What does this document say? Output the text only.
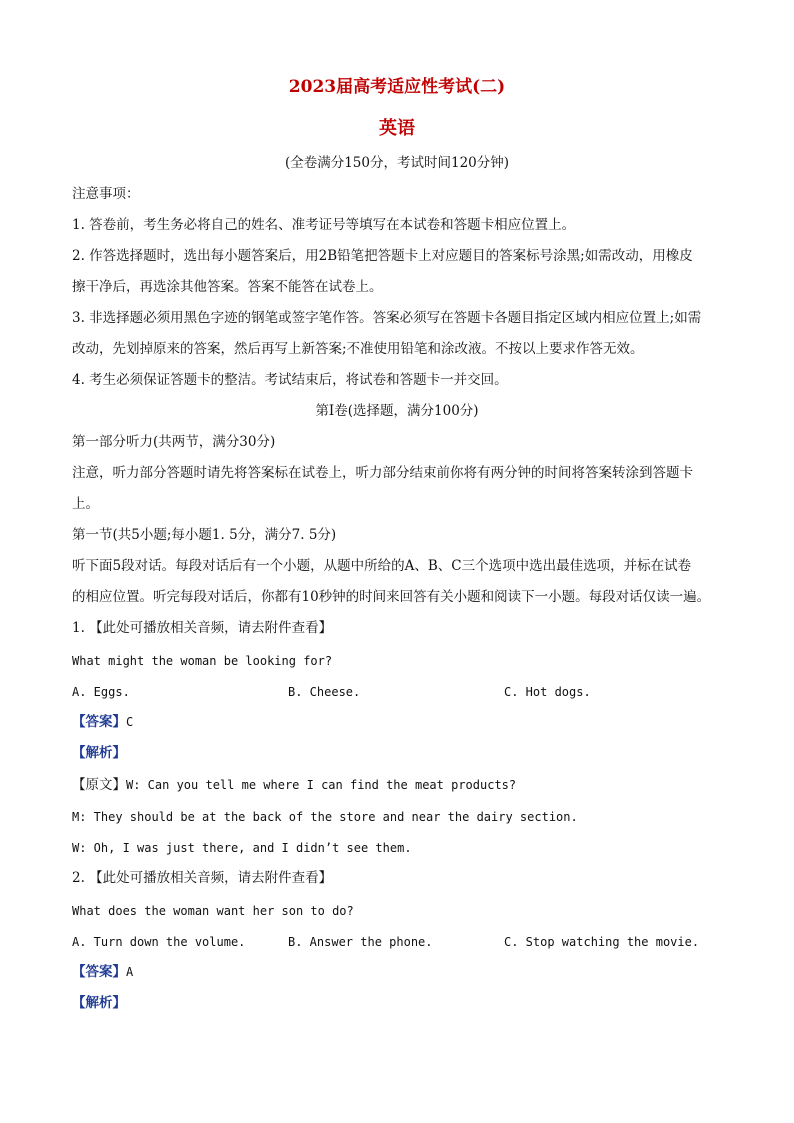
2023届高考适应性考试(二)
英语
(全卷满分150分，考试时间120分钟)
注意事项：
1. 答卷前，考生务必将自己的姓名、准考证号等填写在本试卷和答题卡相应位置上。
2. 作答选择题时，选出每小题答案后，用2B铅笔把答题卡上对应题目的答案标号涂黑;如需改动，用橡皮
擦干净后，再选涂其他答案。答案不能答在试卷上。
3. 非选择题必须用黑色字迹的钢笔或签字笔作答。答案必须写在答题卡各题目指定区域内相应位置上;如需
改动，先划掉原来的答案，然后再写上新答案;不准使用铅笔和涂改液。不按以上要求作答无效。
4. 考生必须保证答题卡的整洁。考试结束后，将试卷和答题卡一并交回。
第Ⅰ卷(选择题，满分100分)
第一部分听力(共两节，满分30分)
注意，听力部分答题时请先将答案标在试卷上，听力部分结束前你将有两分钟的时间将答案转涂到答题卡
上。
第一节(共5小题;每小题1. 5分，满分7. 5分)
听下面5段对话。每段对话后有一个小题，从题中所给的A、B、C三个选项中选出最佳选项，并标在试卷
的相应位置。听完每段对话后，你都有10秒钟的时间来回答有关小题和阅读下一小题。每段对话仅读一遍。
1. 【此处可播放相关音频，请去附件查看】
What might the woman be looking for?
A. Eggs.	B. Cheese.	C. Hot dogs.
【答案】C
【解析】
【原文】W: Can you tell me where I can find the meat products?
M: They should be at the back of the store and near the dairy section.
W: Oh, I was just there, and I didn’t see them.
2. 【此处可播放相关音频，请去附件查看】
What does the woman want her son to do?
A. Turn down the volume.	B. Answer the phone.	C. Stop watching the movie.
【答案】A
【解析】
